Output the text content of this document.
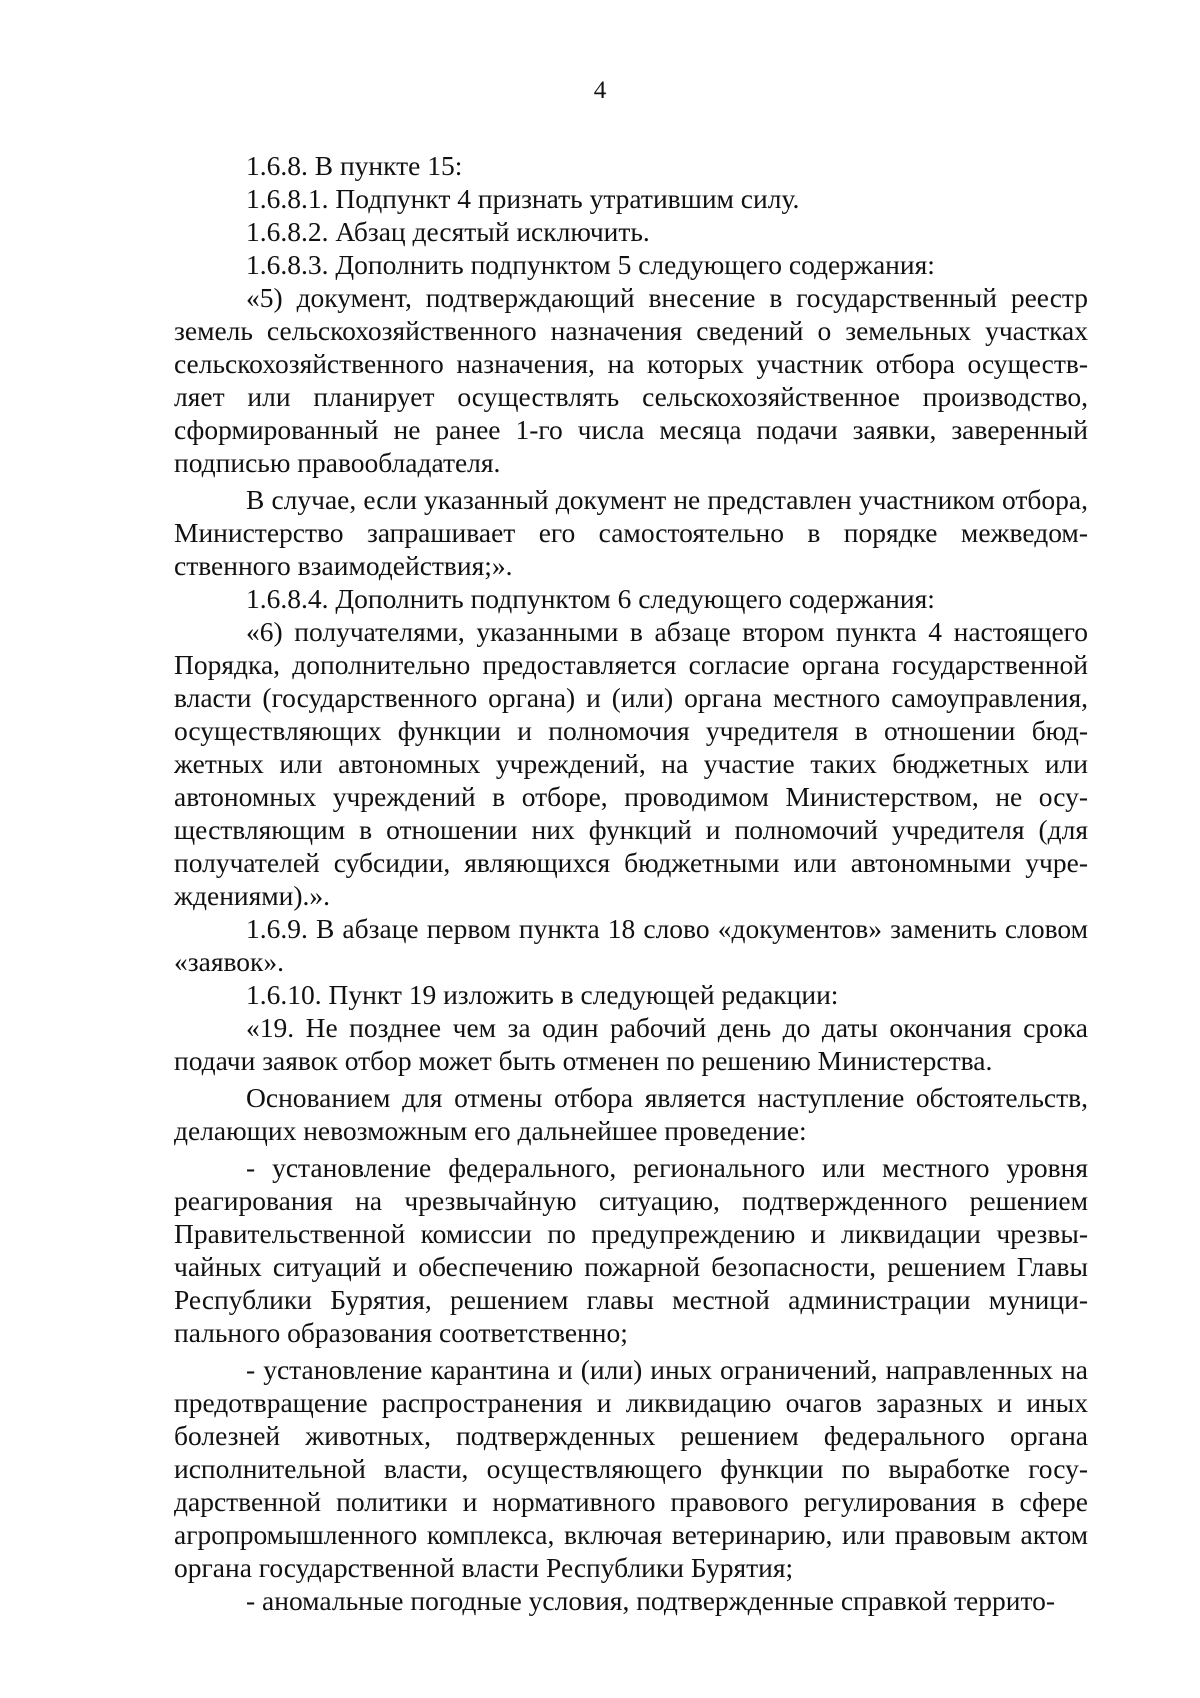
4

1.6.8. В пункте 15:

1.6.8.1. Подпункт 4 признать утратившим силу.

1.6.8.2. Абзац десятый исключить.

1.6.8.3. Дополнить подпунктом 5 следующего содержания:

«5) документ, подтверждающий внесение в государственный реестр земель сельскохозяйственного назначения сведений о земельных участках сельскохозяйственного назначения, на которых участник отбора осуществляет или планирует осуществлять сельскохозяйственное производство, сформированный не ранее 1-го числа месяца подачи заявки, заверенный подписью правообладателя.

В случае, если указанный документ не представлен участником отбора, Министерство запрашивает его самостоятельно в порядке межведомственного взаимодействия;».

1.6.8.4. Дополнить подпунктом 6 следующего содержания:

«6) получателями, указанными в абзаце втором пункта 4 настоящего Порядка, дополнительно предоставляется согласие органа государственной власти (государственного органа) и (или) органа местного самоуправления, осуществляющих функции и полномочия учредителя в отношении бюджетных или автономных учреждений, на участие таких бюджетных или автономных учреждений в отборе, проводимом Министерством, не осуществляющим в отношении них функций и полномочий учредителя (для получателей субсидии, являющихся бюджетными или автономными учреждениями).».

1.6.9. В абзаце первом пункта 18 слово «документов» заменить словом «заявок».

1.6.10. Пункт 19 изложить в следующей редакции:

«19. Не позднее чем за один рабочий день до даты окончания срока подачи заявок отбор может быть отменен по решению Министерства.

Основанием для отмены отбора является наступление обстоятельств, делающих невозможным его дальнейшее проведение:

- установление федерального, регионального или местного уровня реагирования на чрезвычайную ситуацию, подтвержденного решением Правительственной комиссии по предупреждению и ликвидации чрезвычайных ситуаций и обеспечению пожарной безопасности, решением Главы Республики Бурятия, решением главы местной администрации муниципального образования соответственно;

- установление карантина и (или) иных ограничений, направленных на предотвращение распространения и ликвидацию очагов заразных и иных болезней животных, подтвержденных решением федерального органа исполнительной власти, осуществляющего функции по выработке государственной политики и нормативного правового регулирования в сфере агропромышленного комплекса, включая ветеринарию, или правовым актом органа государственной власти Республики Бурятия;

- аномальные погодные условия, подтвержденные справкой террито-
